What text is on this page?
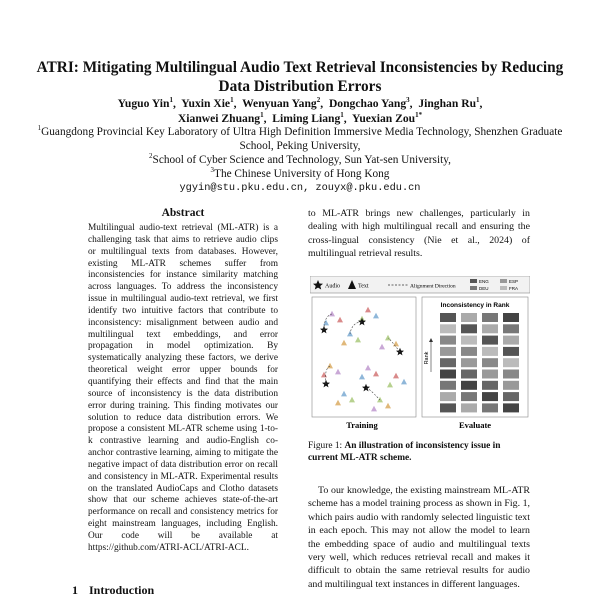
ATRI: Mitigating Multilingual Audio Text Retrieval Inconsistencies by Reducing Data Distribution Errors
Yuguo Yin$^1$,  Yuxin Xie$^1$,  Wenyuan Yang$^2$,  Dongchao Yang$^3$,  Jinghan Ru$^1$,
Xianwei Zhuang$^1$,  Liming Liang$^1$,  Yuexian Zou$^{1*}$
$^1$Guangdong Provincial Key Laboratory of Ultra High Definition Immersive Media Technology, Shenzhen Graduate School, Peking University,
$^2$School of Cyber Science and Technology, Sun Yat-sen University,
$^3$The Chinese University of Hong Kong
ygyin@stu.pku.edu.cn, zouyx@.pku.edu.cn
Abstract
Multilingual audio-text retrieval (ML-ATR) is a challenging task that aims to retrieve audio clips or multilingual texts from databases. However, existing ML-ATR schemes suffer from inconsistencies for instance similarity matching across languages. To address the inconsistency issue in multilingual audio-text retrieval, we first identify two intuitive factors that contribute to inconsistency: misalignment between audio and multilingual text embeddings, and error propagation in model optimization. By systematically analyzing these factors, we derive theoretical weight error upper bounds for quantifying their effects and find that the main source of inconsistency is the data distribution error during training. This finding motivates our solution to reduce data distribution errors. We propose a consistent ML-ATR scheme using 1-to-k contrastive learning and audio-English co-anchor contrastive learning, aiming to mitigate the negative impact of data distribution error on recall and consistency in ML-ATR. Experimental results on the translated AudioCaps and Clotho datasets show that our scheme achieves state-of-the-art performance on recall and consistency metrics for eight mainstream languages, including English. Our code will be available at https://github.com/ATRI-ACL/ATRI-ACL.
1 Introduction
to ML-ATR brings new challenges, particularly in dealing with high multilingual recall and ensuring the cross-lingual consistency (Nie et al., 2024) of multilingual retrieval results.
Audio	Text	Alignment Direction
ENG	ESP
DEU	FRA
Inconsistency in Rank
Rank
Training	Evaluate
Figure 1: An illustration of inconsistency issue in current ML-ATR scheme.
To our knowledge, the existing mainstream ML-ATR scheme has a model training process as shown in Fig. 1, which pairs audio with randomly selected linguistic text in each epoch. This may not allow the model to learn the embedding space of audio and multilingual texts very well, which reduces retrieval recall and makes it difficult to obtain the same retrieval results for audio and multilingual text instances in different languages.
